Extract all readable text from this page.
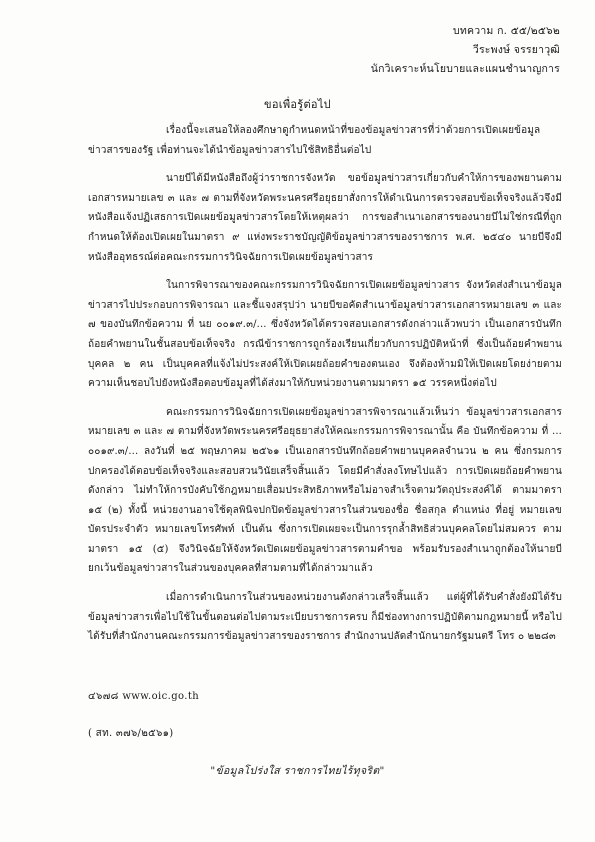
บทความ ก. ๕๕/๒๕๖๒
วีระพงษ์ จรรยาวุฒิ
นักวิเคราะห์นโยบายและแผนชำนาญการ
ขอเพื่อรู้ต่อไป

เรื่องนี้จะเสนอให้ลองศึกษาดูกำหนดหน้าที่ของข้อมูลข่าวสารที่ว่าด้วยการเปิดเผยข้อมูลข่าวสารของรัฐ เพื่อท่านจะได้นำข้อมูลข่าวสารไปใช้สิทธิอื่นต่อไป

นายบีได้มีหนังสือถึงผู้ว่าราชการจังหวัด ขอข้อมูลข่าวสารเกี่ยวกับคำให้การของพยานตามเอกสารหมายเลข ๓ และ ๗ ตามที่จังหวัดพระนครศรีอยุธยาสั่งการให้ดำเนินการตรวจสอบข้อเท็จจริงแล้วจึงมีหนังสือแจ้งปฏิเสธการเปิดเผยข้อมูลข่าวสารโดยให้เหตุผลว่า การขอสำเนาเอกสารของนายบีไม่ใช่กรณีที่ถูกกำหนดให้ต้องเปิดเผยในมาตรา ๙ แห่งพระราชบัญญัติข้อมูลข่าวสารของราชการ พ.ศ. ๒๕๔๐ นายบีจึงมีหนังสืออุทธรณ์ต่อคณะกรรมการวินิจฉัยการเปิดเผยข้อมูลข่าวสาร

ในการพิจารณาของคณะกรรมการวินิจฉัยการเปิดเผยข้อมูลข่าวสาร จังหวัดส่งสำเนาข้อมูลข่าวสารไปประกอบการพิจารณา และชี้แจงสรุปว่า นายบีขอคัดสำเนาข้อมูลข่าวสารเอกสารหมายเลข ๓ และ ๗ ของบันทึกข้อความ ที่ นย ๐๐๑๙.๓/... ซึ่งจังหวัดได้ตรวจสอบเอกสารดังกล่าวแล้วพบว่า เป็นเอกสารบันทึกถ้อยคำพยานในชั้นสอบข้อเท็จจริง กรณีข้าราชการถูกร้องเรียนเกี่ยวกับการปฏิบัติหน้าที่ ซึ่งเป็นถ้อยคำพยานบุคคล ๒ คน เป็นบุคคลที่แจ้งไม่ประสงค์ให้เปิดเผยถ้อยคำของตนเอง จึงต้องห้ามมิให้เปิดเผยโดยง่ายตามความเห็นชอบไปยังหนังสือตอบข้อมูลที่ได้ส่งมาให้กับหน่วยงานตามมาตรา ๑๕ วรรคหนึ่งต่อไป

คณะกรรมการวินิจฉัยการเปิดเผยข้อมูลข่าวสารพิจารณาแล้วเห็นว่า ข้อมูลข่าวสารเอกสารหมายเลข ๓ และ ๗ ตามที่จังหวัดพระนครศรีอยุธยาส่งให้คณะกรรมการพิจารณานั้น คือ บันทึกข้อความ ที่ ... ๐๐๑๙.๓/... ลงวันที่ ๒๕ พฤษภาคม ๒๕๖๑ เป็นเอกสารบันทึกถ้อยคำพยานบุคคลจำนวน ๒ คน ซึ่งกรมการปกครองได้ตอบข้อเท็จจริงและสอบสวนวินัยเสร็จสิ้นแล้ว โดยมีคำสั่งลงโทษไปแล้ว การเปิดเผยถ้อยคำพยานดังกล่าว ไม่ทำให้การบังคับใช้กฎหมายเสื่อมประสิทธิภาพหรือไม่อาจสำเร็จตามวัตถุประสงค์ได้ ตามมาตรา ๑๕ (๒) ทั้งนี้ หน่วยงานอาจใช้ดุลพินิจปกปิดข้อมูลข่าวสารในส่วนของชื่อ ชื่อสกุล ตำแหน่ง ที่อยู่ หมายเลขบัตรประจำตัว หมายเลขโทรศัพท์ เป็นต้น ซึ่งการเปิดเผยจะเป็นการรุกล้ำสิทธิส่วนบุคคลโดยไม่สมควร ตามมาตรา ๑๕ (๕) จึงวินิจฉัยให้จังหวัดเปิดเผยข้อมูลข่าวสารตามคำขอ พร้อมรับรองสำเนาถูกต้องให้นายบี ยกเว้นข้อมูลข่าวสารในส่วนของบุคคลที่สามตามที่ได้กล่าวมาแล้ว

เมื่อการดำเนินการในส่วนของหน่วยงานดังกล่าวเสร็จสิ้นแล้ว แต่ผู้ที่ได้รับคำสั่งยังมิได้รับข้อมูลข่าวสารเพื่อไปใช้ในขั้นตอนต่อไปตามระเบียบราชการครบ ก็มีช่องทางการปฏิบัติตามกฎหมายนี้ หรือไปได้รับที่สำนักงานคณะกรรมการข้อมูลข่าวสารของราชการ สำนักงานปลัดสำนักนายกรัฐมนตรี โทร ๐ ๒๒๘๓

๔๖๗๘ www.oic.go.th
( สท. ๓๗๖/๒๕๖๑)
"ข้อมูลโปร่งใส ราชการไทยไร้ทุจริต"
